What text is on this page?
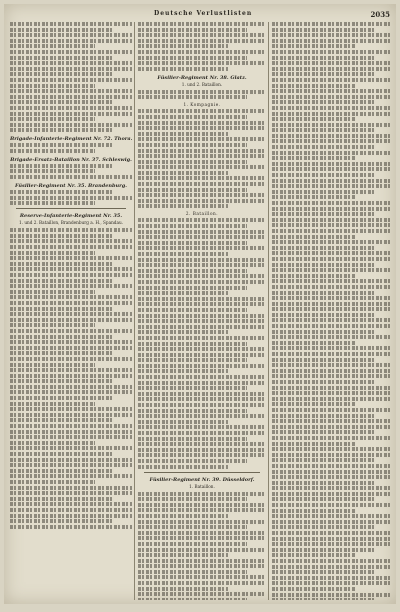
Deutsche Verlustlisten	2035
Brigade-Infanterie-Regiment Nr. 72. Thora.
Brigade-Ersatz-Bataillon Nr. 37. Schleswig.
Füsilier-Regiment Nr. 35. Brandenburg.
Reserve-Infanterie-Regiment Nr. 35.
1. und 2. Bataillon, Brandenburg a. H., Spandau.
Füsilier-Regiment Nr. 38. Glatz.
1. und 2. Bataillon.
1. Kompagnie.
2. Bataillon.
Füsilier-Regiment Nr. 39. Düsseldorf.
1. Bataillon.
